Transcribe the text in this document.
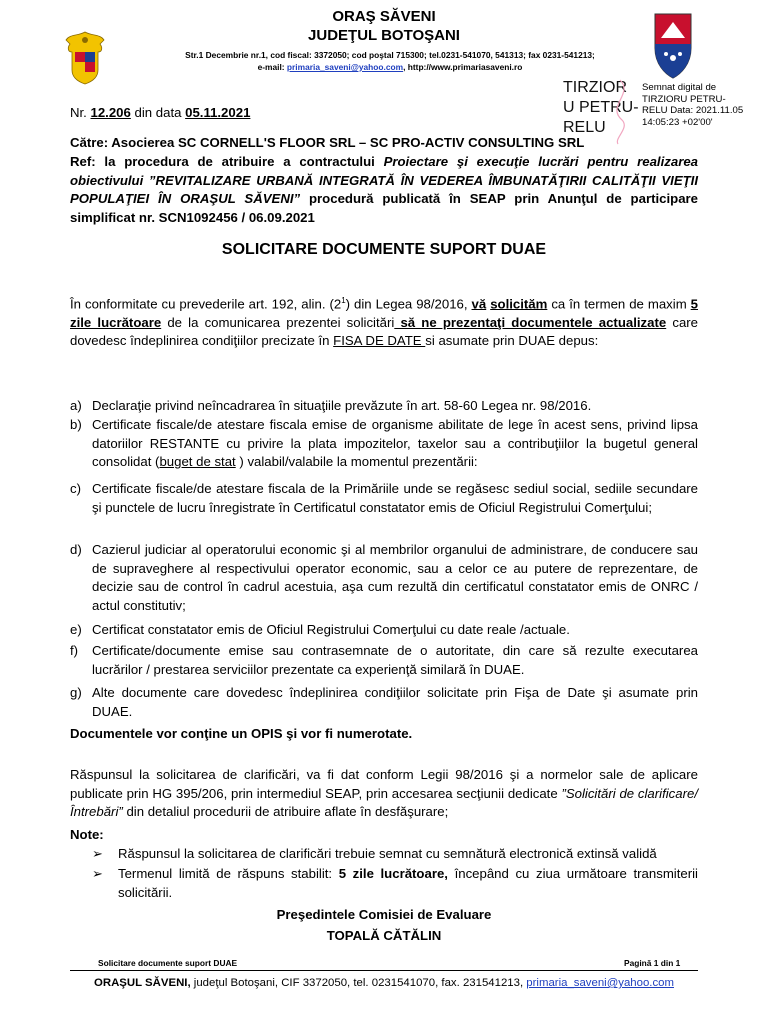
ORAŞ SĂVENI
JUDEŢUL BOTOŞANI
Str.1 Decembrie nr.1, cod fiscal: 3372050; cod poştal 715300; tel.0231-541070, 541313; fax 0231-541213;
e-mail: primaria_saveni@yahoo.com, http://www.primariasaveni.ro
TIRZIOR
U PETRU-
RELU
Semnat digital de TIRZIORU PETRU-RELU Data: 2021.11.05 14:05:23 +02'00'
Nr. 12.206 din data 05.11.2021
Către: Asocierea SC CORNELL'S FLOOR SRL – SC PRO-ACTIV CONSULTING SRL
Ref: la procedura de atribuire a contractului Proiectare şi execuţie lucrări pentru realizarea obiectivului ”REVITALIZARE URBANĂ INTEGRATĂ ÎN VEDEREA ÎMBUNATĂŢIRII CALITĂŢII VIEŢII POPULAŢIEI ÎN ORAŞUL SĂVENI” procedură publicată în SEAP prin Anunţul de participare simplificat nr. SCN1092456 / 06.09.2021
SOLICITARE DOCUMENTE SUPORT DUAE
În conformitate cu prevederile art. 192, alin. $(2^1)$ din Legea 98/2016, vă solicităm ca în termen de maxim 5 zile lucrătoare de la comunicarea prezentei solicitări să ne prezentaţi documentele actualizate care dovedesc îndeplinirea condiţiilor precizate în FISA DE DATE si asumate prin DUAE depus:
a) Declaraţie privind neîncadrarea în situaţiile prevăzute în art. 58-60 Legea nr. 98/2016.
b) Certificate fiscale/de atestare fiscala emise de organisme abilitate de lege în acest sens, privind lipsa datoriilor RESTANTE cu privire la plata impozitelor, taxelor sau a contribuţiilor la bugetul general consolidat (buget de stat ) valabil/valabile la momentul prezentării:
c) Certificate fiscale/de atestare fiscala de la Primăriile unde se regăsesc sediul social, sediile secundare şi punctele de lucru înregistrate în Certificatul constatator emis de Oficiul Registrului Comerţului;
d) Cazierul judiciar al operatorului economic şi al membrilor organului de administrare, de conducere sau de supraveghere al respectivului operator economic, sau a celor ce au putere de reprezentare, de decizie sau de control în cadrul acestuia, aşa cum rezultă din certificatul constatator emis de ONRC / actul constitutiv;
e) Certificat constatator emis de Oficiul Registrului Comerţului cu date reale /actuale.
f) Certificate/documente emise sau contrasemnate de o autoritate, din care să rezulte executarea lucrărilor / prestarea serviciilor prezentate ca experienţă similară în DUAE.
g) Alte documente care dovedesc îndeplinirea condiţiilor solicitate prin Fişa de Date şi asumate prin DUAE.
Documentele vor conţine un OPIS şi vor fi numerotate.
Răspunsul la solicitarea de clarificări, va fi dat conform Legii 98/2016 şi a normelor sale de aplicare publicate prin HG 395/206, prin intermediul SEAP, prin accesarea secţiunii dedicate ”Solicitări de clarificare/ Întrebări” din detaliul procedurii de atribuire aflate în desfăşurare;
Note:
➢ Răspunsul la solicitarea de clarificări trebuie semnat cu semnătură electronică extinsă validă
➢ Termenul limită de răspuns stabilit: 5 zile lucrătoare, începând cu ziua următoare transmiterii solicitării.
Preşedintele Comisiei de Evaluare
TOPALĂ CĂTĂLIN
Solicitare documente suport DUAE	Pagină 1 din 1
ORAŞUL SĂVENI, judeţul Botoşani, CIF 3372050, tel. 0231541070, fax. 231541213, primaria_saveni@yahoo.com
